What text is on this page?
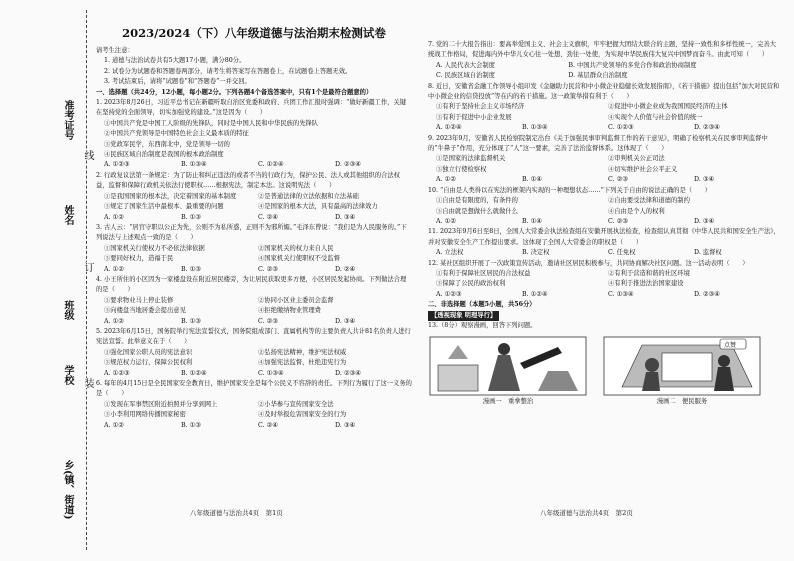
准考证号
姓名
班级
学校
乡(镇、街道)
线
订
装
2023/2024（下）八年级道德与法治期末检测试卷
请考生注意：
1. 道德与法治试卷共有5大题17小题，满分80分。
2. 试卷分为试题卷和答题卷两部分，请考生将答案写在答题卷上，在试题卷上答题无效。
3. 考试结束后，请将“试题卷”和“答题卷”一并交回。
一、选择题（共24分，12小题，每小题2分。下列各题4个备选答案中，只有1个是最符合题意的）
1. 2023年8月26日，习近平总书记在新疆听取自治区党委和政府、兵团工作汇报时强调：“做好新疆工作，关键在坚持党的全面领导，切实加强党的建设。”这是因为（　　）
①中国共产党是中国工人阶级的先锋队，同时是中国人民和中华民族的先锋队
②中国共产党领导是中国特色社会主义最本质的特征
③党政军民学，东西南北中，党是领导一切的
④民族区域自治制度是我国的根本政治制度
A. ①②③	B. ①③④	C. ①②④	D. ②③④
2. 行政复议法第一条规定：为了防止和纠正违法的或者不当的行政行为，保护公民、法人或其他组织的合法权益，监督和保障行政机关依法行使职权……根据宪法，制定本法。这说明宪法（　　）
①是我国国家的根本法，决定着国家的基本制度	②是普通法律的立法依据和立法基础
③规定了国家生活中最根本、最重要的问题	④是国家的根本大法，具有最高的法律效力
A. ①②	B. ①③	C. ②④	D. ③④
3. 古人云：“居官守职以公正为先，公则不为私所惑，正则不为邪所媚。”毛泽东曾说：“我们是为人民服务的。”下列说法与上述观点一致的是（　　）
①国家机关行使权力不必依法律依据	②国家机关的权力来自人民
③要同好权力，造福于民	④国家机关行使职权不受监督
A. ①②	B. ①③	C. ②③	D. ②④
4. 小王所住的小区因为一家楼盘设在附近居民楼旁，为让居民获取更多方便，小区居民发起协商。下列做法合理的是（　　）
①要求物业马上停止装修	②协同小区业主委员会监督
③向楼盘当地居委会提出意见	④拒绝缴纳物业管理费
A. ①②	B. ①③	C. ②③	D. ③④
5. 2023年6月15日，国务院举行宪法宣誓仪式，国务院组成部门、直属机构等的主要负责人共计81名负责人进行宪法宣誓。此举意义在于（　　）
①强化国家公职人员的宪法意识	②弘扬宪法精神，维护宪法权威
③规范权力运行，保障公民权利	④加强宪法监督，杜绝违宪行为
A. ①②③	B. ①②④	C. ①③④	D. ②③④
6. 每年的4月15日是全民国家安全教育日，维护国家安全是每个公民义不容辞的责任。下列行为履行了这一义务的是（　　）
①发现在军事禁区附近拍照并分享到网上	②小华参与宣传国家安全法
③小李利用网络传播国家秘密	④及时举报危害国家安全的行为
A. ①②	B. ①③	C. ②④	D. ③④
7. 党的二十大报告指出：要高举爱国主义、社会主义旗帜，牢牢把握大团结大联合的主题，坚持一致性和多样性统一，完善大统战工作格局，促进海内外中华儿女心往一处想、劲往一处使，为实现中华民族伟大复兴中国梦而奋斗。由此可知（　　）
A. 人民代表大会制度	B. 中国共产党领导的多党合作和政治协商制度
C. 民族区域自治制度	D. 基层群众自治制度
8. 近日，安徽省金融工作领导小组印发《金融助力民营和中小微企业稳健长效发展指南》，《若干措施》提出包括“加大对民营和中小微企业的信贷投放”等在内的若干措施。这一政策举措有利于（　　）
①有利于坚持社会主义市场经济	②促进中小微企业成为我国国民经济的主体
③有利于促进中小企业发展	④实现个人价值与社会价值的统一
A. ①②④	B. ①③④	C. ①②③	D. ②③④
9. 2023年9月，安徽省人民检察院制定出台《关于加强民事审判监督工作的若干意见》，明确了检察机关在民事审判监督中的“牛鼻子”作用，充分体现了“人”这一要素，完善了法治监督体系。这体现了（　　）
①是国家的法律监督机关	②审判机关公正司法
③独立行使检察权	④切实维护社会公平正义
A. ①②	B. ①④	C. ②③	D. ③④
10. “自由是人类得以在宪法的框架内实现的一种理想状态……”下列关于自由的说法正确的是（　　）
①自由是有限度的，有条件的	②自由要受法律和道德的制约
③自由就是想做什么就做什么	④自由是个人的权利
A. ①②	B. ①④	C. ②③	D. ③④
11. 2023年9月6日至8日，全国人大常委会执法检查组在安徽开展执法检查，检查组认真贯彻《中华人民共和国安全生产法》，并对安徽安全生产工作提出要求。这体现了全国人大常委会的职权是（　　）
A. 立法权	B. 决定权	C. 任免权	D. 监督权
12. 某社区组织开展了一次政策宣传活动，邀请社区居民积极参与，共同协商解决社区问题。这一活动表明（　　）
①有利于保障社区居民的合法权益	②有利于营造和谐的社区环境
③保障了公民的政治权利	④有利于推进法治国家建设
A. ①②③	B. ①②④	C. ①③④	D. ②③④
二、非选择题（本题5小题，共56分）
【透视现象 明理导行】
13.（8分）观察漫画，回答下列问题。
漫画一　重拳整治
点赞
漫画二　便民服务
八年级道德与法治共4页　第1页	八年级道德与法治共4页　第2页
